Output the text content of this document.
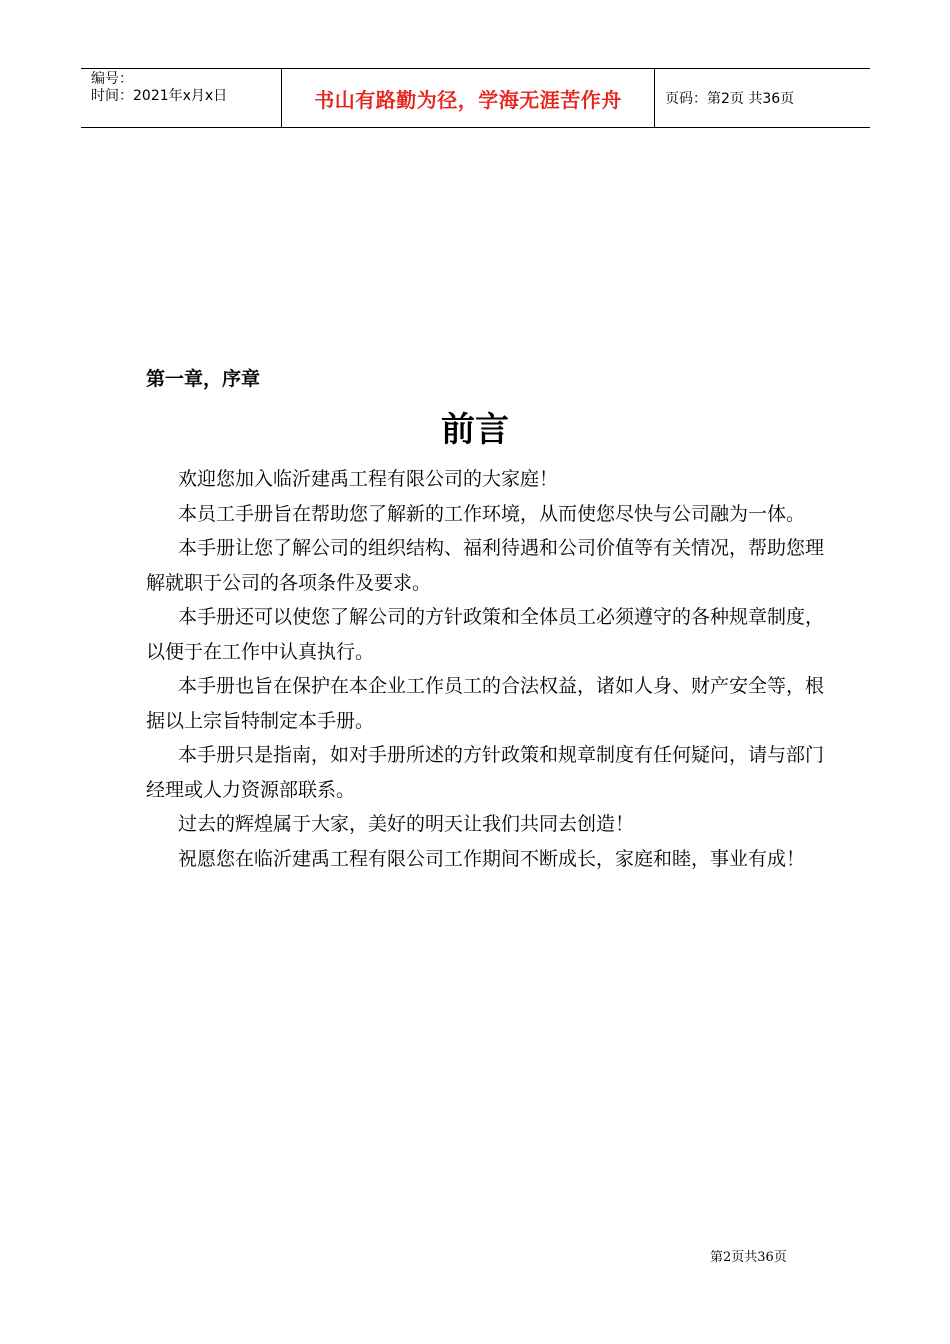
编号：
时间：2021年x月x日	书山有路勤为径，学海无涯苦作舟	页码：第2页 共36页
第一章，序章
前言

欢迎您加入临沂建禹工程有限公司的大家庭！

本员工手册旨在帮助您了解新的工作环境，从而使您尽快与公司融为一体。

本手册让您了解公司的组织结构、福利待遇和公司价值等有关情况，帮助您理解就职于公司的各项条件及要求。

本手册还可以使您了解公司的方针政策和全体员工必须遵守的各种规章制度，以便于在工作中认真执行。

本手册也旨在保护在本企业工作员工的合法权益，诸如人身、财产安全等，根据以上宗旨特制定本手册。

本手册只是指南，如对手册所述的方针政策和规章制度有任何疑问，请与部门经理或人力资源部联系。

过去的辉煌属于大家，美好的明天让我们共同去创造！

祝愿您在临沂建禹工程有限公司工作期间不断成长，家庭和睦，事业有成！

第2页共36页
